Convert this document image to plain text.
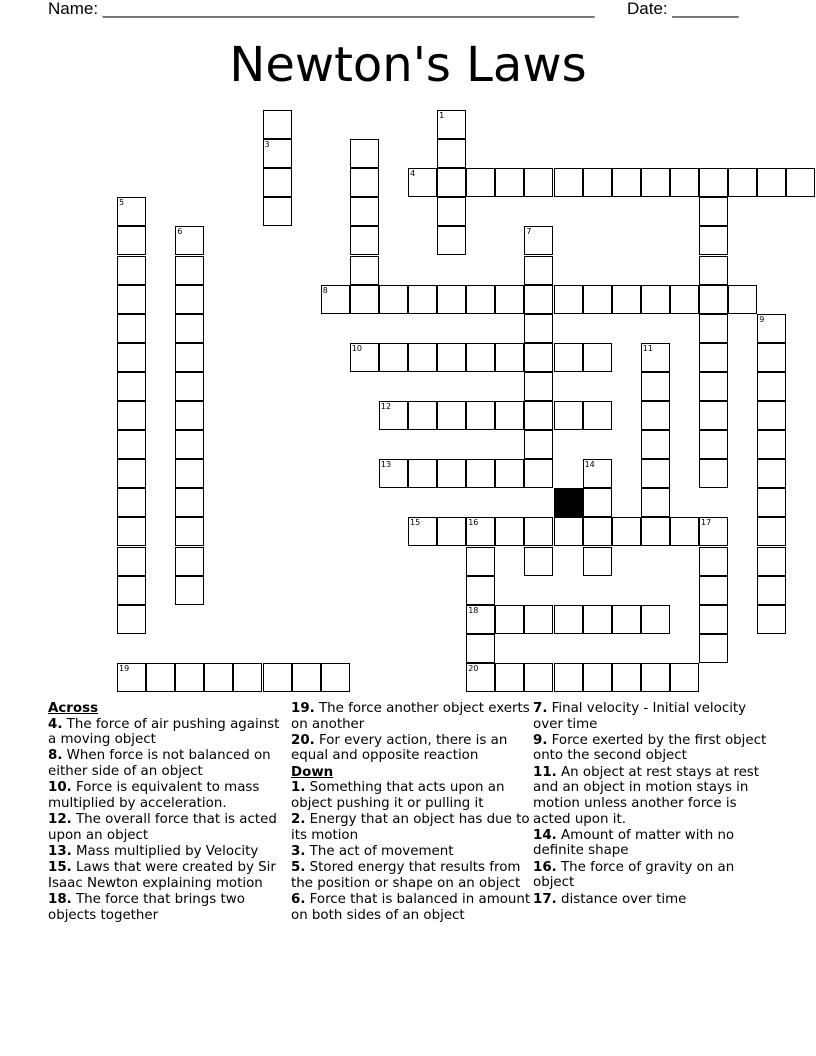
Name: ____________________________________________________ Date: _______
Newton's Laws
1
3
4
5
6	7
8
9
10	11
12
13	14
15	16	17
18
19	20
Across
4. The force of air pushing against a moving object
8. When force is not balanced on either side of an object
10. Force is equivalent to mass multiplied by acceleration.
12. The overall force that is acted upon an object
13. Mass multiplied by Velocity
15. Laws that were created by Sir Isaac Newton explaining motion
18. The force that brings two objects together
19. The force another object exerts on another
20. For every action, there is an equal and opposite reaction
Down
1. Something that acts upon an object pushing it or pulling it
2. Energy that an object has due to its motion
3. The act of movement
5. Stored energy that results from the position or shape on an object
6. Force that is balanced in amount on both sides of an object
7. Final velocity - Initial velocity over time
9. Force exerted by the first object onto the second object
11. An object at rest stays at rest and an object in motion stays in motion unless another force is acted upon it.
14. Amount of matter with no definite shape
16. The force of gravity on an object
17. distance over time
